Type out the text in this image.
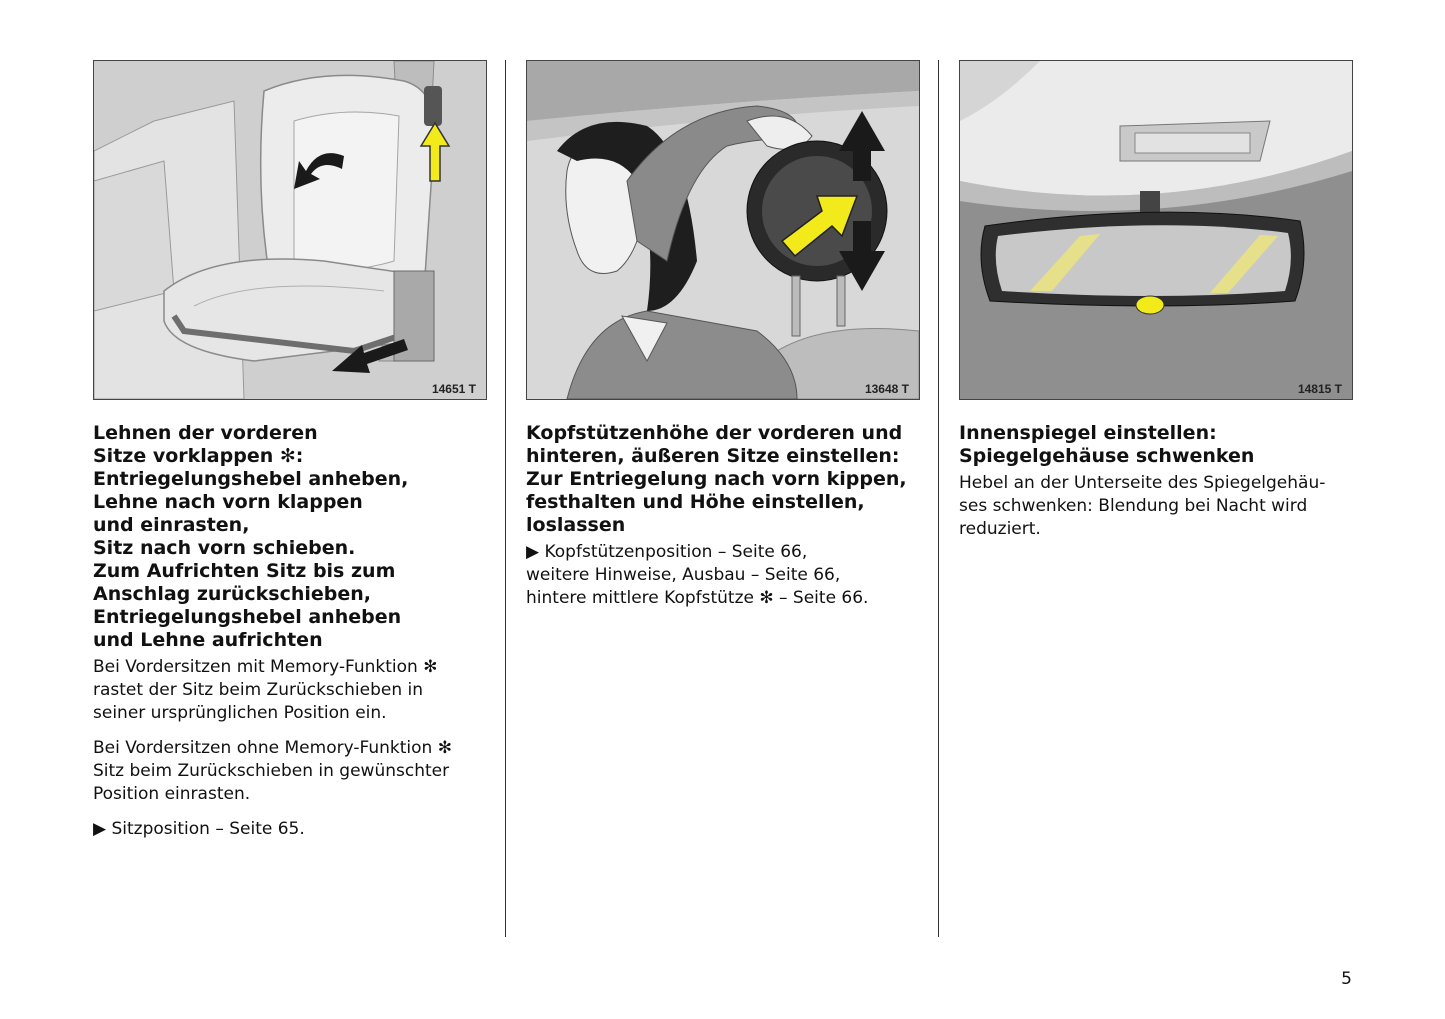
14651 T
Lehnen der vorderen
Sitze vorklappen ✻:
Entriegelungshebel anheben,
Lehne nach vorn klappen
und einrasten,
Sitz nach vorn schieben.
Zum Aufrichten Sitz bis zum
Anschlag zurückschieben,
Entriegelungshebel anheben
und Lehne aufrichten

Bei Vordersitzen mit Memory-Funktion ✻
rastet der Sitz beim Zurückschieben in
seiner ursprünglichen Position ein.

Bei Vordersitzen ohne Memory-Funktion ✻
Sitz beim Zurückschieben in gewünschter
Position einrasten.

▶ Sitzposition – Seite 65.

13648 T
Kopfstützenhöhe der vorderen und
hinteren, äußeren Sitze einstellen:
Zur Entriegelung nach vorn kippen,
festhalten und Höhe einstellen,
loslassen

▶ Kopfstützenposition – Seite 66,
weitere Hinweise, Ausbau – Seite 66,
hintere mittlere Kopfstütze ✻ – Seite 66.

14815 T
Innenspiegel einstellen:
Spiegelgehäuse schwenken

Hebel an der Unterseite des Spiegelgehäu-
ses schwenken: Blendung bei Nacht wird
reduziert.

5
